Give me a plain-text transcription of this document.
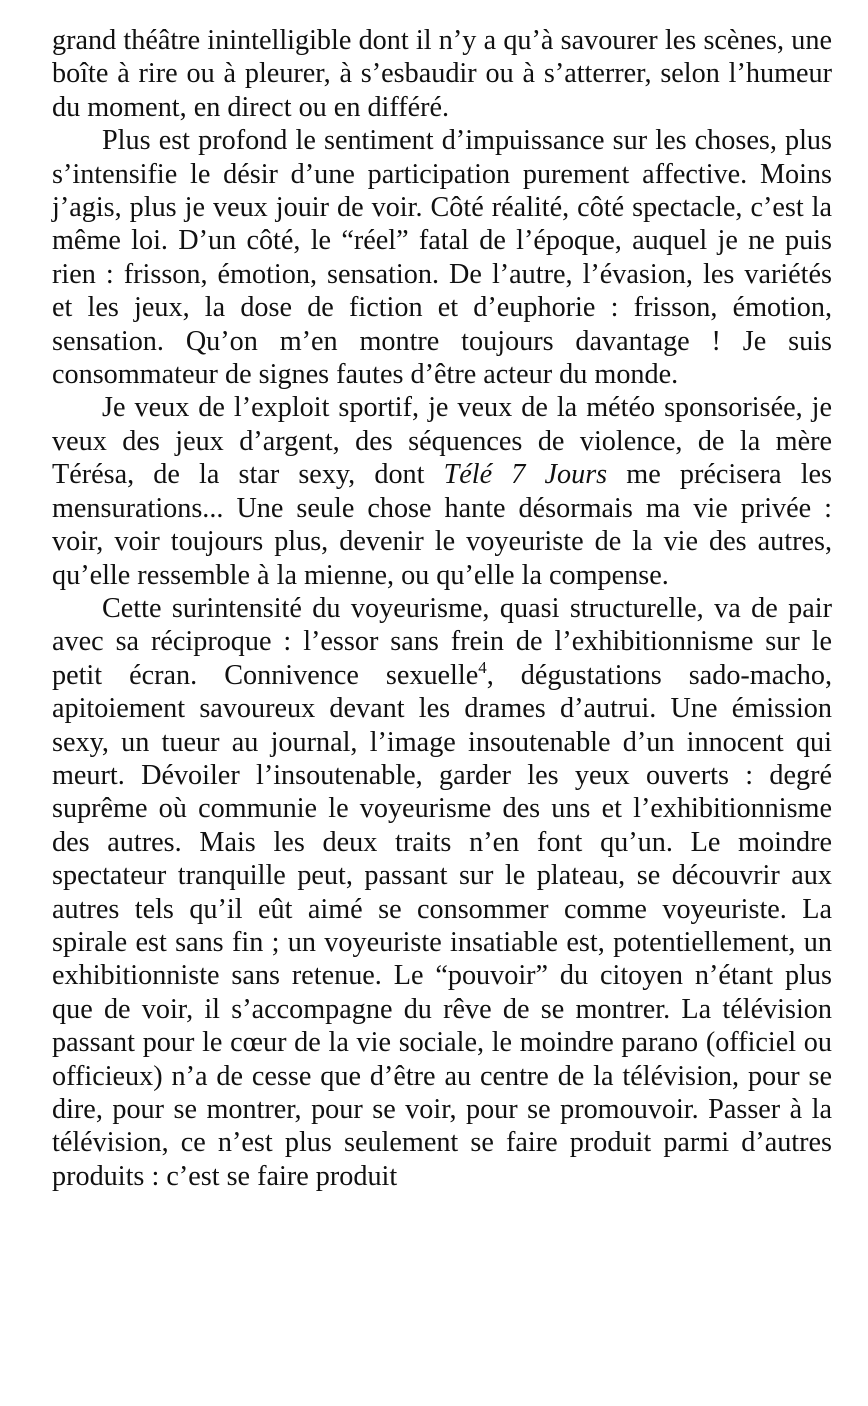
grand théâtre inintelligible dont il n’y a qu’à savourer les scènes, une boîte à rire ou à pleurer, à s’esbaudir ou à s’atterrer, selon l’humeur du moment, en direct ou en différé.

Plus est profond le sentiment d’impuissance sur les choses, plus s’intensifie le désir d’une participation purement affective. Moins j’agis, plus je veux jouir de voir. Côté réalité, côté spectacle, c’est la même loi. D’un côté, le “réel” fatal de l’époque, auquel je ne puis rien : frisson, émotion, sensation. De l’autre, l’évasion, les variétés et les jeux, la dose de fiction et d’euphorie : frisson, émotion, sensation. Qu’on m’en montre toujours davantage ! Je suis consommateur de signes fautes d’être acteur du monde.

Je veux de l’exploit sportif, je veux de la météo sponsorisée, je veux des jeux d’argent, des séquences de violence, de la mère Térésa, de la star sexy, dont Télé 7 Jours me précisera les mensurations... Une seule chose hante désormais ma vie privée : voir, voir toujours plus, devenir le voyeuriste de la vie des autres, qu’elle ressemble à la mienne, ou qu’elle la compense.

Cette surintensité du voyeurisme, quasi structurelle, va de pair avec sa réciproque : l’essor sans frein de l’exhibitionnisme sur le petit écran. Connivence sexuelle$^4$, dégustations sado-macho, apitoiement savoureux devant les drames d’autrui. Une émission sexy, un tueur au journal, l’image insoutenable d’un innocent qui meurt. Dévoiler l’insoutenable, garder les yeux ouverts : degré suprême où communie le voyeurisme des uns et l’exhibitionnisme des autres. Mais les deux traits n’en font qu’un. Le moindre spectateur tranquille peut, passant sur le plateau, se découvrir aux autres tels qu’il eût aimé se consommer comme voyeuriste. La spirale est sans fin ; un voyeuriste insatiable est, potentiellement, un exhibitionniste sans retenue. Le “pouvoir” du citoyen n’étant plus que de voir, il s’accompagne du rêve de se montrer. La télévision passant pour le cœur de la vie sociale, le moindre parano (officiel ou officieux) n’a de cesse que d’être au centre de la télévision, pour se dire, pour se montrer, pour se voir, pour se promouvoir. Passer à la télévision, ce n’est plus seulement se faire produit parmi d’autres produits : c’est se faire produit
